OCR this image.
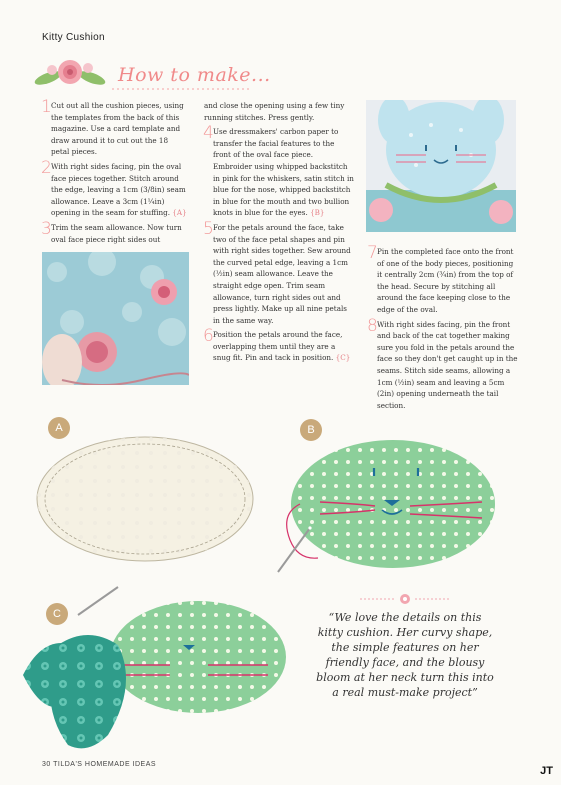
Kitty Cushion
How to make...
1 Cut out all the cushion pieces, using the templates from the back of this magazine. Use a card template and draw around it to cut out the 18 petal pieces.
2 With right sides facing, pin the oval face pieces together. Stitch around the edge, leaving a 1cm (3/8in) seam allowance. Leave a 3cm (1¼in) opening in the seam for stuffing. {A}
3 Trim the seam allowance. Now turn oval face piece right sides out
and close the opening using a few tiny running stitches. Press gently.
4 Use dressmakers' carbon paper to transfer the facial features to the front of the oval face piece. Embroider using whipped backstitch in pink for the whiskers, satin stitch in blue for the nose, whipped backstitch in blue for the mouth and two bullion knots in blue for the eyes. {B}
5 For the petals around the face, take two of the face petal shapes and pin with right sides together. Sew around the curved petal edge, leaving a 1cm (½in) seam allowance. Leave the straight edge open. Trim seam allowance, turn right sides out and press lightly. Make up all nine petals in the same way.
6 Position the petals around the face, overlapping them until they are a snug fit. Pin and tack in position. {C}
7 Pin the completed face onto the front of one of the body pieces, positioning it centrally 2cm (¾in) from the top of the head. Secure by stitching all around the face keeping close to the edge of the oval.
8 With right sides facing, pin the front and back of the cat together making sure you fold in the petals around the face so they don't get caught up in the seams. Stitch side seams, allowing a 1cm (½in) seam and leaving a 5cm (2in) opening underneath the tail section.
A	B
C	“We love the details on this kitty cushion. Her curvy shape, the simple features on her friendly face, and the blousy bloom at her neck turn this into a real must-make project”
30 TILDA'S HOMEMADE IDEAS
JT
